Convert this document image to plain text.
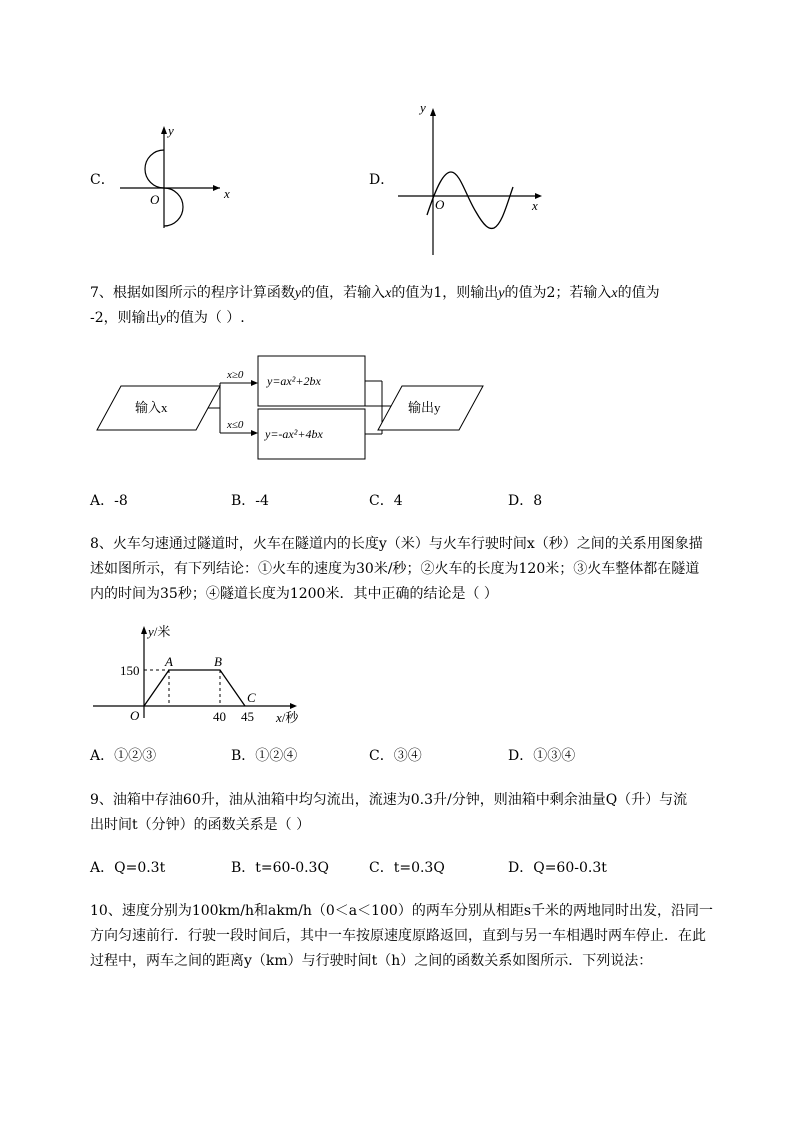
C．
y
x
O
D．
y
x
O
7、根据如图所示的程序计算函数y的值，若输入x的值为1，则输出y的值为2；若输入x的值为
-2，则输出y的值为（ ）.
输入x
x≥0
x≤0
y=ax²+2bx
y=-ax²+4bx
输出y
A．-8	B．-4	C．4	D．8
8、火车匀速通过隧道时，火车在隧道内的长度y（米）与火车行驶时间x（秒）之间的关系用图象描
述如图所示，有下列结论：①火车的速度为30米/秒；②火车的长度为120米；③火车整体都在隧道
内的时间为35秒；④隧道长度为1200米．其中正确的结论是（ ）
y/米
x/秒
O
150
40 45
A	B
C
A．①②③	B．①②④	C．③④	D．①③④
9、油箱中存油60升，油从油箱中均匀流出，流速为0.3升/分钟，则油箱中剩余油量Q（升）与流
出时间t（分钟）的函数关系是（ ）
A．Q=0.3t	B．t=60-0.3Q	C．t=0.3Q	D．Q=60-0.3t
10、速度分别为100km/h和akm/h（0＜a＜100）的两车分别从相距s千米的两地同时出发，沿同一
方向匀速前行．行驶一段时间后，其中一车按原速度原路返回，直到与另一车相遇时两车停止．在此
过程中，两车之间的距离y（km）与行驶时间t（h）之间的函数关系如图所示．下列说法：
